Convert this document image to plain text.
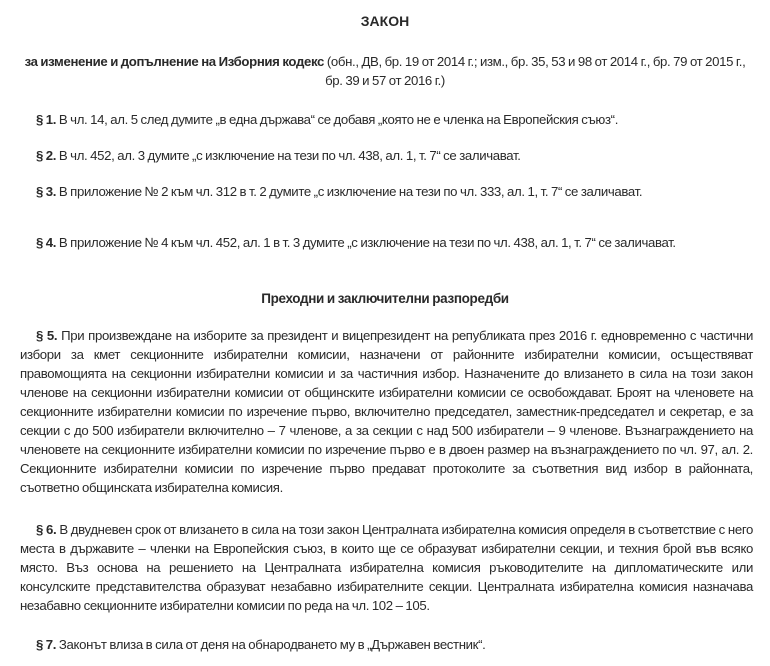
ЗАКОН
за изменение и допълнение на Изборния кодекс (обн., ДВ, бр. 19 от 2014 г.; изм., бр. 35, 53 и 98 от 2014 г., бр. 79 от 2015 г., бр. 39 и 57 от 2016 г.)
§ 1. В чл. 14, ал. 5 след думите „в една държава“ се добавя „която не е членка на Европейския съюз“.
§ 2. В чл. 452, ал. 3 думите „с изключение на тези по чл. 438, ал. 1, т. 7“ се заличават.
§ 3. В приложение № 2 към чл. 312 в т. 2 думите „с изключение на тези по чл. 333, ал. 1, т. 7“ се заличават.
§ 4. В приложение № 4 към чл. 452, ал. 1 в т. 3 думите „с изключение на тези по чл. 438, ал. 1, т. 7“ се заличават.
Преходни и заключителни разпоредби
§ 5. При произвеждане на изборите за президент и вицепрезидент на републиката през 2016 г. едновременно с частични избори за кмет секционните избирателни комисии, назначени от районните избирателни комисии, осъществяват правомощията на секционни избирателни комисии и за частичния избор. Назначените до влизането в сила на този закон членове на секционни избирателни комисии от общинските избирателни комисии се освобождават. Броят на членовете на секционните избирателни комисии по изречение първо, включително председател, заместник-председател и секретар, е за секции с до 500 избиратели включително – 7 членове, а за секции с над 500 избиратели – 9 членове. Възнаграждението на членовете на секционните избирателни комисии по изречение първо е в двоен размер на възнаграждението по чл. 97, ал. 2. Секционните избирателни комисии по изречение първо предават протоколите за съответния вид избор в районната, съответно общинската избирателна комисия.
§ 6. В двудневен срок от влизането в сила на този закон Централната избирателна комисия определя в съответствие с него места в държавите – членки на Европейския съюз, в които ще се образуват избирателни секции, и техния брой във всяко място. Въз основа на решението на Централната избирателна комисия ръководителите на дипломатическите или консулските представителства образуват незабавно избирателните секции. Централната избирателна комисия назначава незабавно секционните избирателни комисии по реда на чл. 102 – 105.
§ 7. Законът влиза в сила от деня на обнародването му в „Държавен вестник“.
